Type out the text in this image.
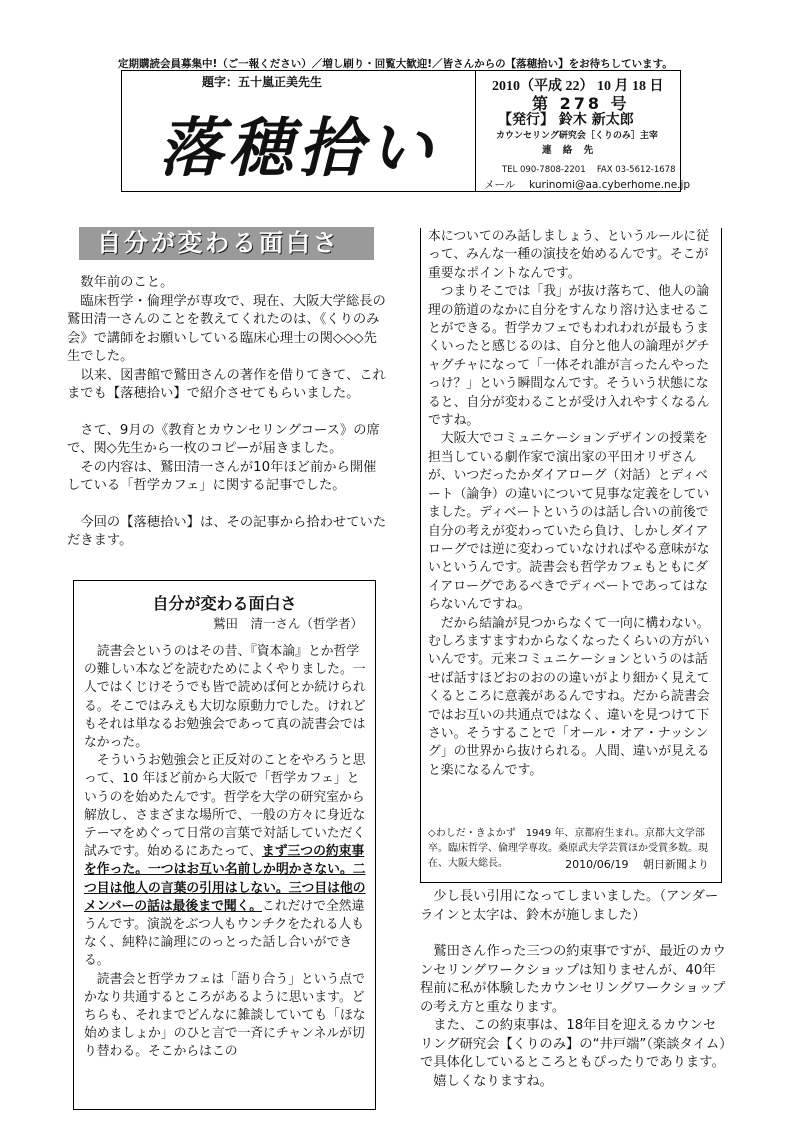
定期購読会員募集中!（ご一報ください）／増し刷り・回覧大歓迎!／皆さんからの【落穂拾い】をお待ちしています。
題字：五十嵐正美先生
落穂拾い
2010（平成 22） 10 月 18 日
第 278 号
【発行】 鈴木 新太郎
カウンセリング研究会［くりのみ］主宰
連 絡 先
TEL 090-7808-2201　 FAX 03-5612-1678
メール　 kurinomi@aa.cyberhome.ne.jp
自分が変わる面白さ

　数年前のこと。

　臨床哲学・倫理学が専攻で、現在、大阪大学総長の鷲田清一さんのことを教えてくれたのは、《くりのみ会》で講師をお願いしている臨床心理士の関◇◇◇先生でした。

　以来、図書館で鷲田さんの著作を借りてきて、これまでも【落穂拾い】で紹介させてもらいました。

　さて、9月の《教育とカウンセリングコース》の席で、関◇先生から一枚のコピーが届きました。

　その内容は、鷲田清一さんが10年ほど前から開催している「哲学カフェ」に関する記事でした。

　今回の【落穂拾い】は、その記事から拾わせていただきます。

自分が変わる面白さ
鷲田　清一さん（哲学者）

読書会というのはその昔、『資本論』とか哲学の難しい本などを読むためによくやりました。一人ではくじけそうでも皆で読めば何とか続けられる。そこではみえも大切な原動力でした。けれどもそれは単なるお勉強会であって真の読書会ではなかった。

そういうお勉強会と正反対のことをやろうと思って、10 年ほど前から大阪で「哲学カフェ」というのを始めたんです。哲学を大学の研究室から解放し、さまざまな場所で、一般の方々に身近なテーマをめぐって日常の言葉で対話していただく試みです。始めるにあたって、まず三つの約束事を作った。一つはお互い名前しか明かさない。二つ目は他人の言葉の引用はしない。三つ目は他のメンバーの話は最後まで聞く。これだけで全然違うんです。演説をぶつ人もウンチクをたれる人もなく、純粋に論理にのっとった話し合いができる。

読書会と哲学カフェは「語り合う」という点でかなり共通するところがあるように思います。どちらも、それまでどんなに雑談していても「ほな始めましょか」のひと言で一斉にチャンネルが切り替わる。そこからはこの

本についてのみ話しましょう、というルールに従って、みんな一種の演技を始めるんです。そこが重要なポイントなんです。

つまりそこでは「我」が抜け落ちて、他人の論理の筋道のなかに自分をすんなり溶け込ませることができる。哲学カフェでもわれわれが最もうまくいったと感じるのは、自分と他人の論理がグチャグチャになって「一体それ誰が言ったんやったっけ？」という瞬間なんです。そういう状態になると、自分が変わることが受け入れやすくなるんですね。

大阪大でコミュニケーションデザインの授業を担当している劇作家で演出家の平田オリザさんが、いつだったかダイアローグ（対話）とディベート（論争）の違いについて見事な定義をしていました。ディベートというのは話し合いの前後で自分の考えが変わっていたら負け、しかしダイアローグでは逆に変わっていなければやる意味がないというんです。読書会も哲学カフェもともにダイアローグであるべきでディベートであってはならないんですね。

だから結論が見つからなくて一向に構わない。むしろますますわからなくなったくらいの方がいいんです。元来コミュニケーションというのは話せば話すほどおのおのの違いがより細かく見えてくるところに意義があるんですね。だから読書会ではお互いの共通点ではなく、違いを見つけて下さい。そうすることで「オール・オア・ナッシング」の世界から抜けられる。人間、違いが見えると楽になるんです。

◇わしだ・きよかず　1949 年、京都府生まれ。京都大文学部卒。臨床哲学、倫理学専攻。桑原武夫学芸賞ほか受賞多数。現在、大阪大総長。	2010/06/19　 朝日新聞より

　少し長い引用になってしまいました。（アンダーラインと太字は、鈴木が施しました）

　鷲田さん作った三つの約束事ですが、最近のカウンセリングワークショップは知りませんが、40年程前に私が体験したカウンセリングワークショップの考え方と重なります。

　また、この約束事は、18年目を迎えるカウンセリング研究会【くりのみ】の“井戸端”（楽談タイム）で具体化しているところともぴったりであります。

　嬉しくなりますね。
